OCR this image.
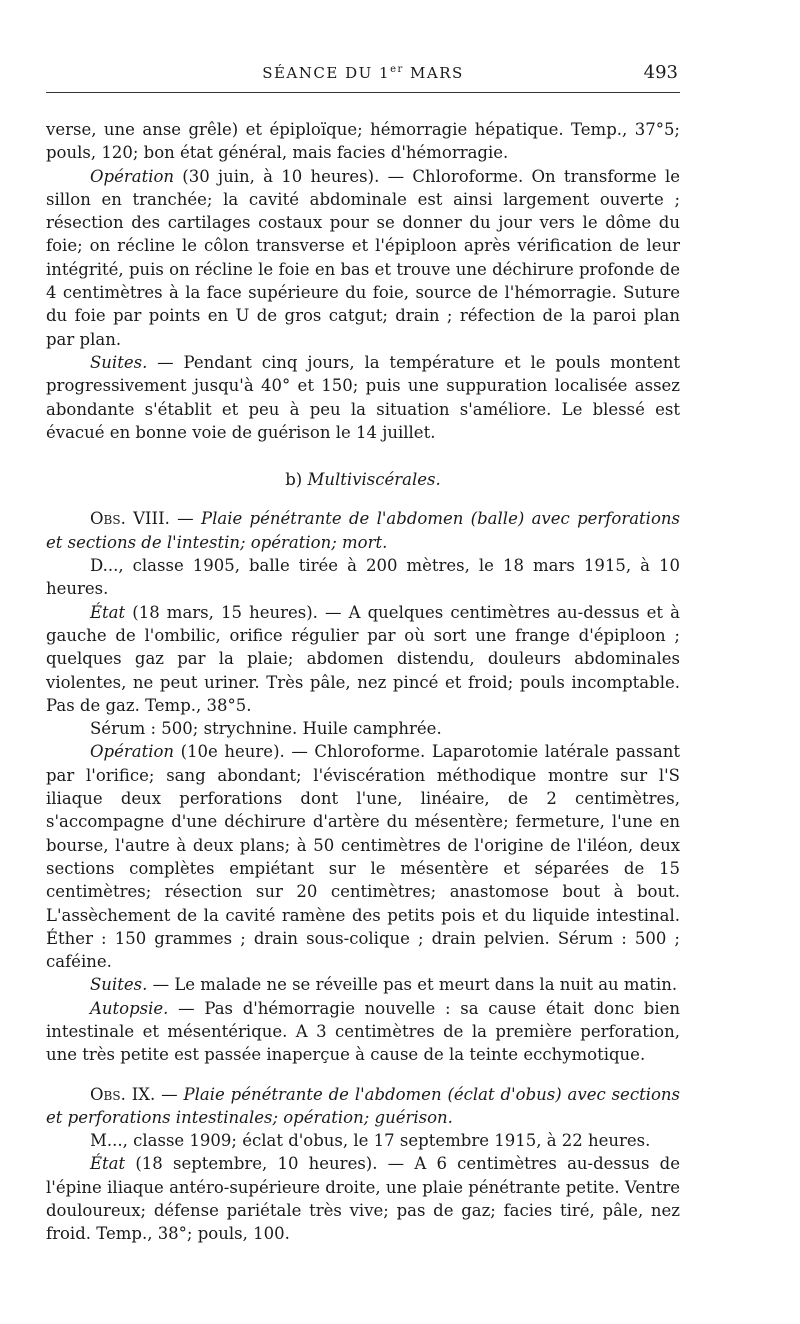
SÉANCE DU 1er MARS	493

verse, une anse grêle) et épiploïque; hémorragie hépatique. Temp., 37°5; pouls, 120; bon état général, mais facies d'hémorragie.

Opération (30 juin, à 10 heures). — Chloroforme. On transforme le sillon en tranchée; la cavité abdominale est ainsi largement ouverte ; résection des cartilages costaux pour se donner du jour vers le dôme du foie; on récline le côlon transverse et l'épiploon après vérification de leur intégrité, puis on récline le foie en bas et trouve une déchirure profonde de 4 centimètres à la face supérieure du foie, source de l'hémorragie. Suture du foie par points en U de gros catgut; drain ; réfection de la paroi plan par plan.

Suites. — Pendant cinq jours, la température et le pouls montent progressivement jusqu'à 40° et 150; puis une suppuration localisée assez abondante s'établit et peu à peu la situation s'améliore. Le blessé est évacué en bonne voie de guérison le 14 juillet.

b) Multiviscérales.

Obs. VIII. — Plaie pénétrante de l'abdomen (balle) avec perforations et sections de l'intestin; opération; mort.

D..., classe 1905, balle tirée à 200 mètres, le 18 mars 1915, à 10 heures.

État (18 mars, 15 heures). — A quelques centimètres au-dessus et à gauche de l'ombilic, orifice régulier par où sort une frange d'épiploon ; quelques gaz par la plaie; abdomen distendu, douleurs abdominales violentes, ne peut uriner. Très pâle, nez pincé et froid; pouls incomptable. Pas de gaz. Temp., 38°5.

Sérum : 500; strychnine. Huile camphrée.

Opération (10e heure). — Chloroforme. Laparotomie latérale passant par l'orifice; sang abondant; l'éviscération méthodique montre sur l'S iliaque deux perforations dont l'une, linéaire, de 2 centimètres, s'accompagne d'une déchirure d'artère du mésentère; fermeture, l'une en bourse, l'autre à deux plans; à 50 centimètres de l'origine de l'iléon, deux sections complètes empiétant sur le mésentère et séparées de 15 centimètres; résection sur 20 centimètres; anastomose bout à bout. L'assèchement de la cavité ramène des petits pois et du liquide intestinal. Éther : 150 grammes ; drain sous-colique ; drain pelvien. Sérum : 500 ; caféine.

Suites. — Le malade ne se réveille pas et meurt dans la nuit au matin.

Autopsie. — Pas d'hémorragie nouvelle : sa cause était donc bien intestinale et mésentérique. A 3 centimètres de la première perforation, une très petite est passée inaperçue à cause de la teinte ecchymotique.

Obs. IX. — Plaie pénétrante de l'abdomen (éclat d'obus) avec sections et perforations intestinales; opération; guérison.

M..., classe 1909; éclat d'obus, le 17 septembre 1915, à 22 heures.

État (18 septembre, 10 heures). — A 6 centimètres au-dessus de l'épine iliaque antéro-supérieure droite, une plaie pénétrante petite. Ventre douloureux; défense pariétale très vive; pas de gaz; facies tiré, pâle, nez froid. Temp., 38°; pouls, 100.
